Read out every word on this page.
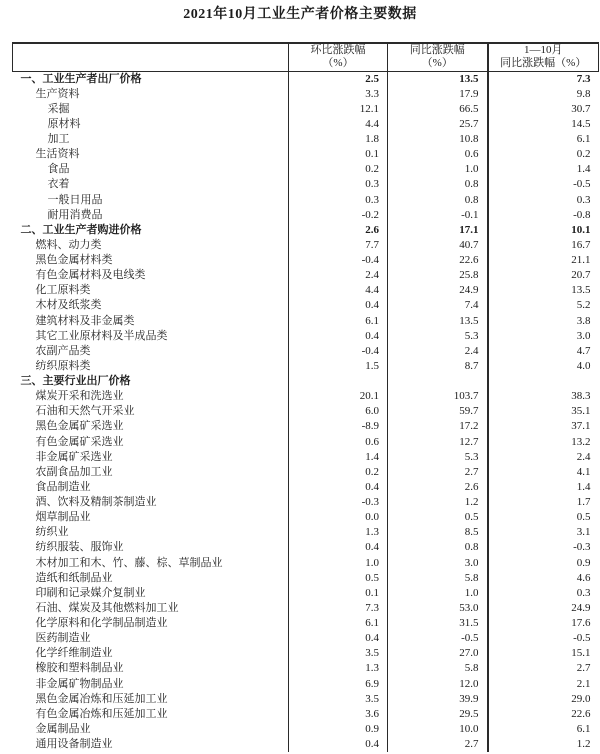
2021年10月工业生产者价格主要数据

环比涨跌幅
（%）

同比涨跌幅
（%）

1—10月
同比涨跌幅（%）

一、工业生产者出厂价格	2.5	13.5	7.3
生产资料	3.3	17.9	9.8
采掘	12.1	66.5	30.7
原材料	4.4	25.7	14.5
加工	1.8	10.8	6.1
生活资料	0.1	0.6	0.2
食品	0.2	1.0	1.4
衣着	0.3	0.8	-0.5
一般日用品	0.3	0.8	0.3
耐用消费品	-0.2	-0.1	-0.8
二、工业生产者购进价格	2.6	17.1	10.1
燃料、动力类	7.7	40.7	16.7
黑色金属材料类	-0.4	22.6	21.1
有色金属材料及电线类	2.4	25.8	20.7
化工原料类	4.4	24.9	13.5
木材及纸浆类	0.4	7.4	5.2
建筑材料及非金属类	6.1	13.5	3.8
其它工业原材料及半成品类	0.4	5.3	3.0
农副产品类	-0.4	2.4	4.7
纺织原料类	1.5	8.7	4.0
三、主要行业出厂价格			
煤炭开采和洗选业	20.1	103.7	38.3
石油和天然气开采业	6.0	59.7	35.1
黑色金属矿采选业	-8.9	17.2	37.1
有色金属矿采选业	0.6	12.7	13.2
非金属矿采选业	1.4	5.3	2.4
农副食品加工业	0.2	2.7	4.1
食品制造业	0.4	2.6	1.4
酒、饮料及精制茶制造业	-0.3	1.2	1.7
烟草制品业	0.0	0.5	0.5
纺织业	1.3	8.5	3.1
纺织服装、服饰业	0.4	0.8	-0.3
木材加工和木、竹、藤、棕、草制品业	1.0	3.0	0.9
造纸和纸制品业	0.5	5.8	4.6
印刷和记录媒介复制业	0.1	1.0	0.3
石油、煤炭及其他燃料加工业	7.3	53.0	24.9
化学原料和化学制品制造业	6.1	31.5	17.6
医药制造业	0.4	-0.5	-0.5
化学纤维制造业	3.5	27.0	15.1
橡胶和塑料制品业	1.3	5.8	2.7
非金属矿物制品业	6.9	12.0	2.1
黑色金属冶炼和压延加工业	3.5	39.9	29.0
有色金属冶炼和压延加工业	3.6	29.5	22.6
金属制品业	0.9	10.0	6.1
通用设备制造业	0.4	2.7	1.2
